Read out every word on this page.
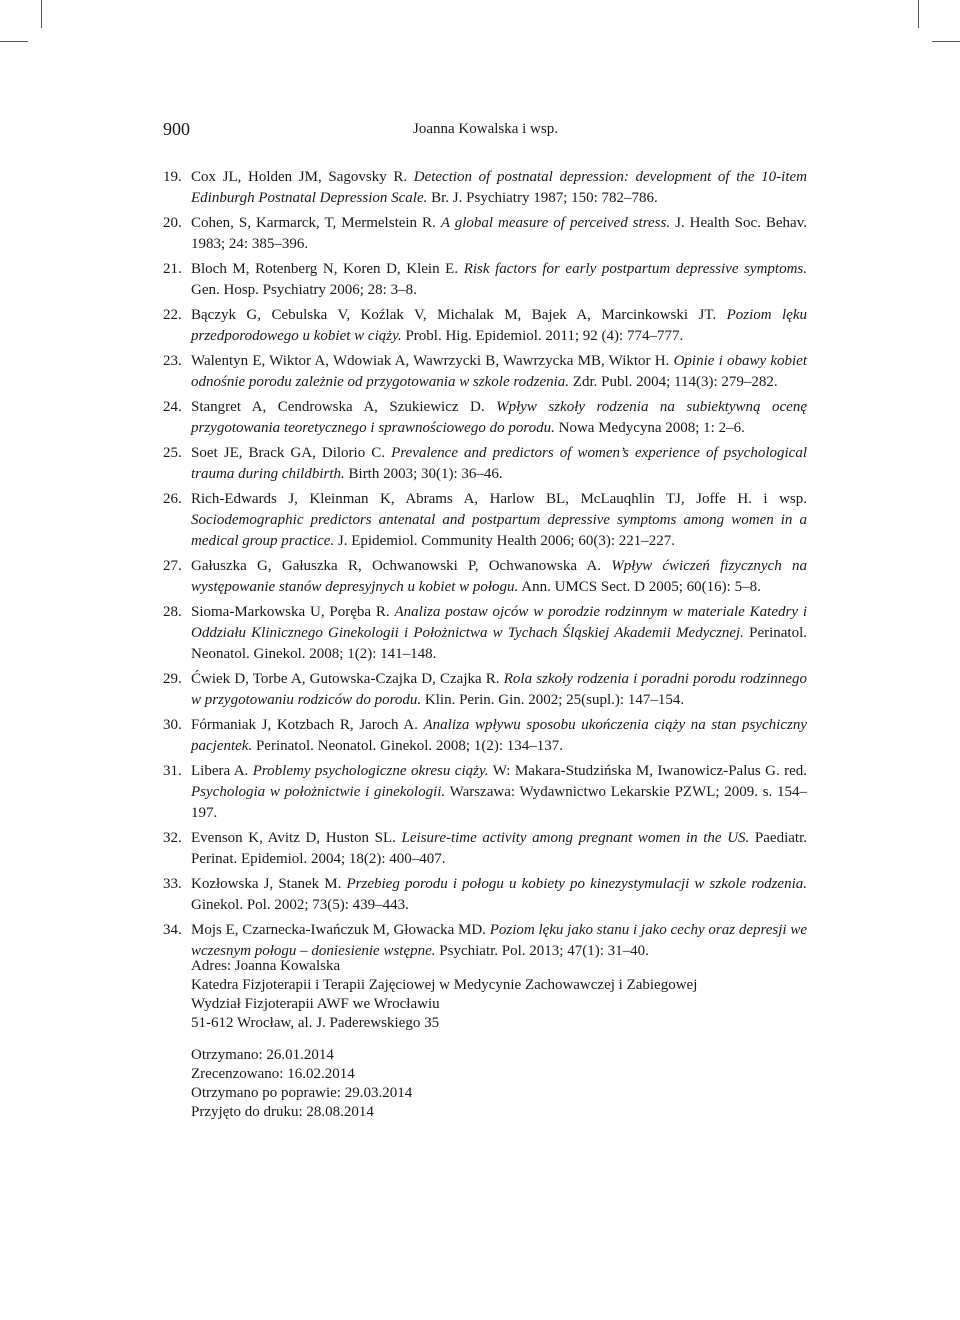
900	Joanna Kowalska i wsp.
19. Cox JL, Holden JM, Sagovsky R. Detection of postnatal depression: development of the 10-item Edinburgh Postnatal Depression Scale. Br. J. Psychiatry 1987; 150: 782–786.
20. Cohen, S, Karmarck, T, Mermelstein R. A global measure of perceived stress. J. Health Soc. Behav. 1983; 24: 385–396.
21. Bloch M, Rotenberg N, Koren D, Klein E. Risk factors for early postpartum depressive symptoms. Gen. Hosp. Psychiatry 2006; 28: 3–8.
22. Bączyk G, Cebulska V, Koźlak V, Michalak M, Bajek A, Marcinkowski JT. Poziom lęku przedporodowego u kobiet w ciąży. Probl. Hig. Epidemiol. 2011; 92 (4): 774–777.
23. Walentyn E, Wiktor A, Wdowiak A, Wawrzycki B, Wawrzycka MB, Wiktor H. Opinie i obawy kobiet odnośnie porodu zależnie od przygotowania w szkole rodzenia. Zdr. Publ. 2004; 114(3): 279–282.
24. Stangret A, Cendrowska A, Szukiewicz D. Wpływ szkoły rodzenia na subiektywną ocenę przygotowania teoretycznego i sprawnościowego do porodu. Nowa Medycyna 2008; 1: 2–6.
25. Soet JE, Brack GA, Dilorio C. Prevalence and predictors of women’s experience of psychological trauma during childbirth. Birth 2003; 30(1): 36–46.
26. Rich-Edwards J, Kleinman K, Abrams A, Harlow BL, McLauqhlin TJ, Joffe H. i wsp. Sociodemographic predictors antenatal and postpartum depressive symptoms among women in a medical group practice. J. Epidemiol. Community Health 2006; 60(3): 221–227.
27. Gałuszka G, Gałuszka R, Ochwanowski P, Ochwanowska A. Wpływ ćwiczeń fizycznych na występowanie stanów depresyjnych u kobiet w połogu. Ann. UMCS Sect. D 2005; 60(16): 5–8.
28. Sioma-Markowska U, Poręba R. Analiza postaw ojców w porodzie rodzinnym w materiale Katedry i Oddziału Klinicznego Ginekologii i Położnictwa w Tychach Śląskiej Akademii Medycznej. Perinatol. Neonatol. Ginekol. 2008; 1(2): 141–148.
29. Ćwiek D, Torbe A, Gutowska-Czajka D, Czajka R. Rola szkoły rodzenia i poradni porodu rodzinnego w przygotowaniu rodziców do porodu. Klin. Perin. Gin. 2002; 25(supl.): 147–154.
30. Fórmaniak J, Kotzbach R, Jaroch A. Analiza wpływu sposobu ukończenia ciąży na stan psychiczny pacjentek. Perinatol. Neonatol. Ginekol. 2008; 1(2): 134–137.
31. Libera A. Problemy psychologiczne okresu ciąży. W: Makara-Studzińska M, Iwanowicz-Palus G. red. Psychologia w położnictwie i ginekologii. Warszawa: Wydawnictwo Lekarskie PZWL; 2009. s. 154–197.
32. Evenson K, Avitz D, Huston SL. Leisure-time activity among pregnant women in the US. Paediatr. Perinat. Epidemiol. 2004; 18(2): 400–407.
33. Kozłowska J, Stanek M. Przebieg porodu i połogu u kobiety po kinezystymulacji w szkole rodzenia. Ginekol. Pol. 2002; 73(5): 439–443.
34. Mojs E, Czarnecka-Iwańczuk M, Głowacka MD. Poziom lęku jako stanu i jako cechy oraz depresji we wczesnym połogu – doniesienie wstępne. Psychiatr. Pol. 2013; 47(1): 31–40.
Adres: Joanna Kowalska
Katedra Fizjoterapii i Terapii Zajęciowej w Medycynie Zachowawczej i Zabiegowej
Wydział Fizjoterapii AWF we Wrocławiu
51-612 Wrocław, al. J. Paderewskiego 35
Otrzymano: 26.01.2014
Zrecenzowano: 16.02.2014
Otrzymano po poprawie: 29.03.2014
Przyjęto do druku: 28.08.2014
